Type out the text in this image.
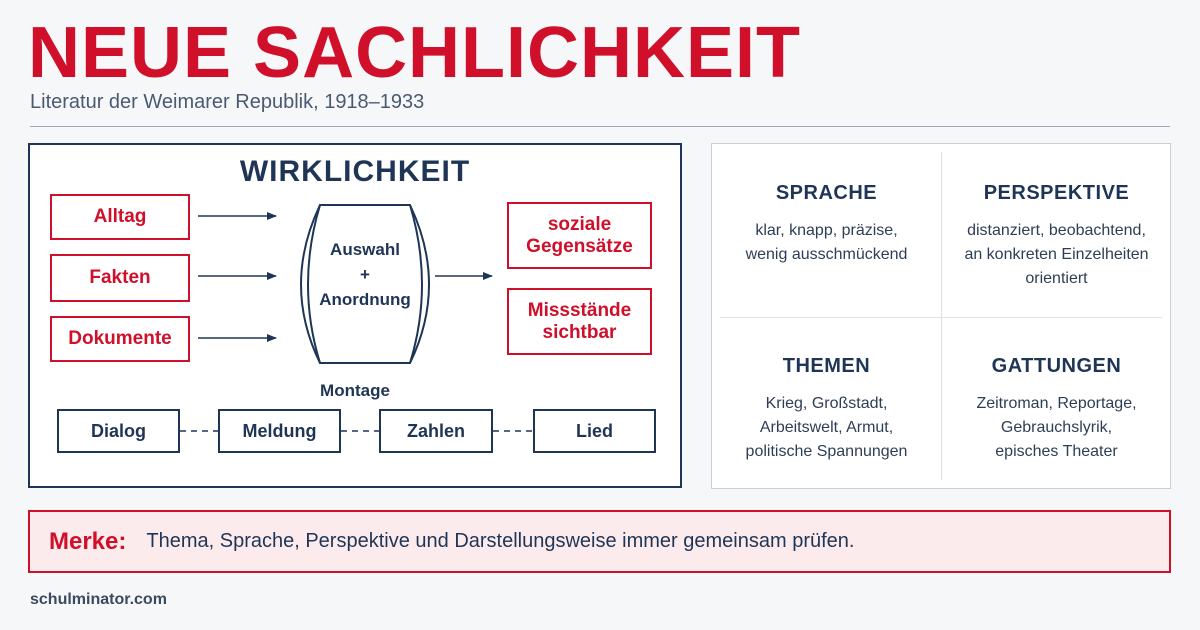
NEUE SACHLICHKEIT
Literatur der Weimarer Republik, 1918–1933
WIRKLICHKEIT
Alltag
Fakten
Dokumente
Auswahl
+
Anordnung
soziale Gegensätze
Missstände sichtbar
Montage
Dialog	Meldung	Zahlen	Lied
SPRACHE
klar, knapp, präzise,
wenig ausschmückend
PERSPEKTIVE
distanziert, beobachtend,
an konkreten Einzelheiten
orientiert
THEMEN
Krieg, Großstadt,
Arbeitswelt, Armut,
politische Spannungen
GATTUNGEN
Zeitroman, Reportage,
Gebrauchslyrik,
episches Theater
Merke: Thema, Sprache, Perspektive und Darstellungsweise immer gemeinsam prüfen.
schulminator.com
